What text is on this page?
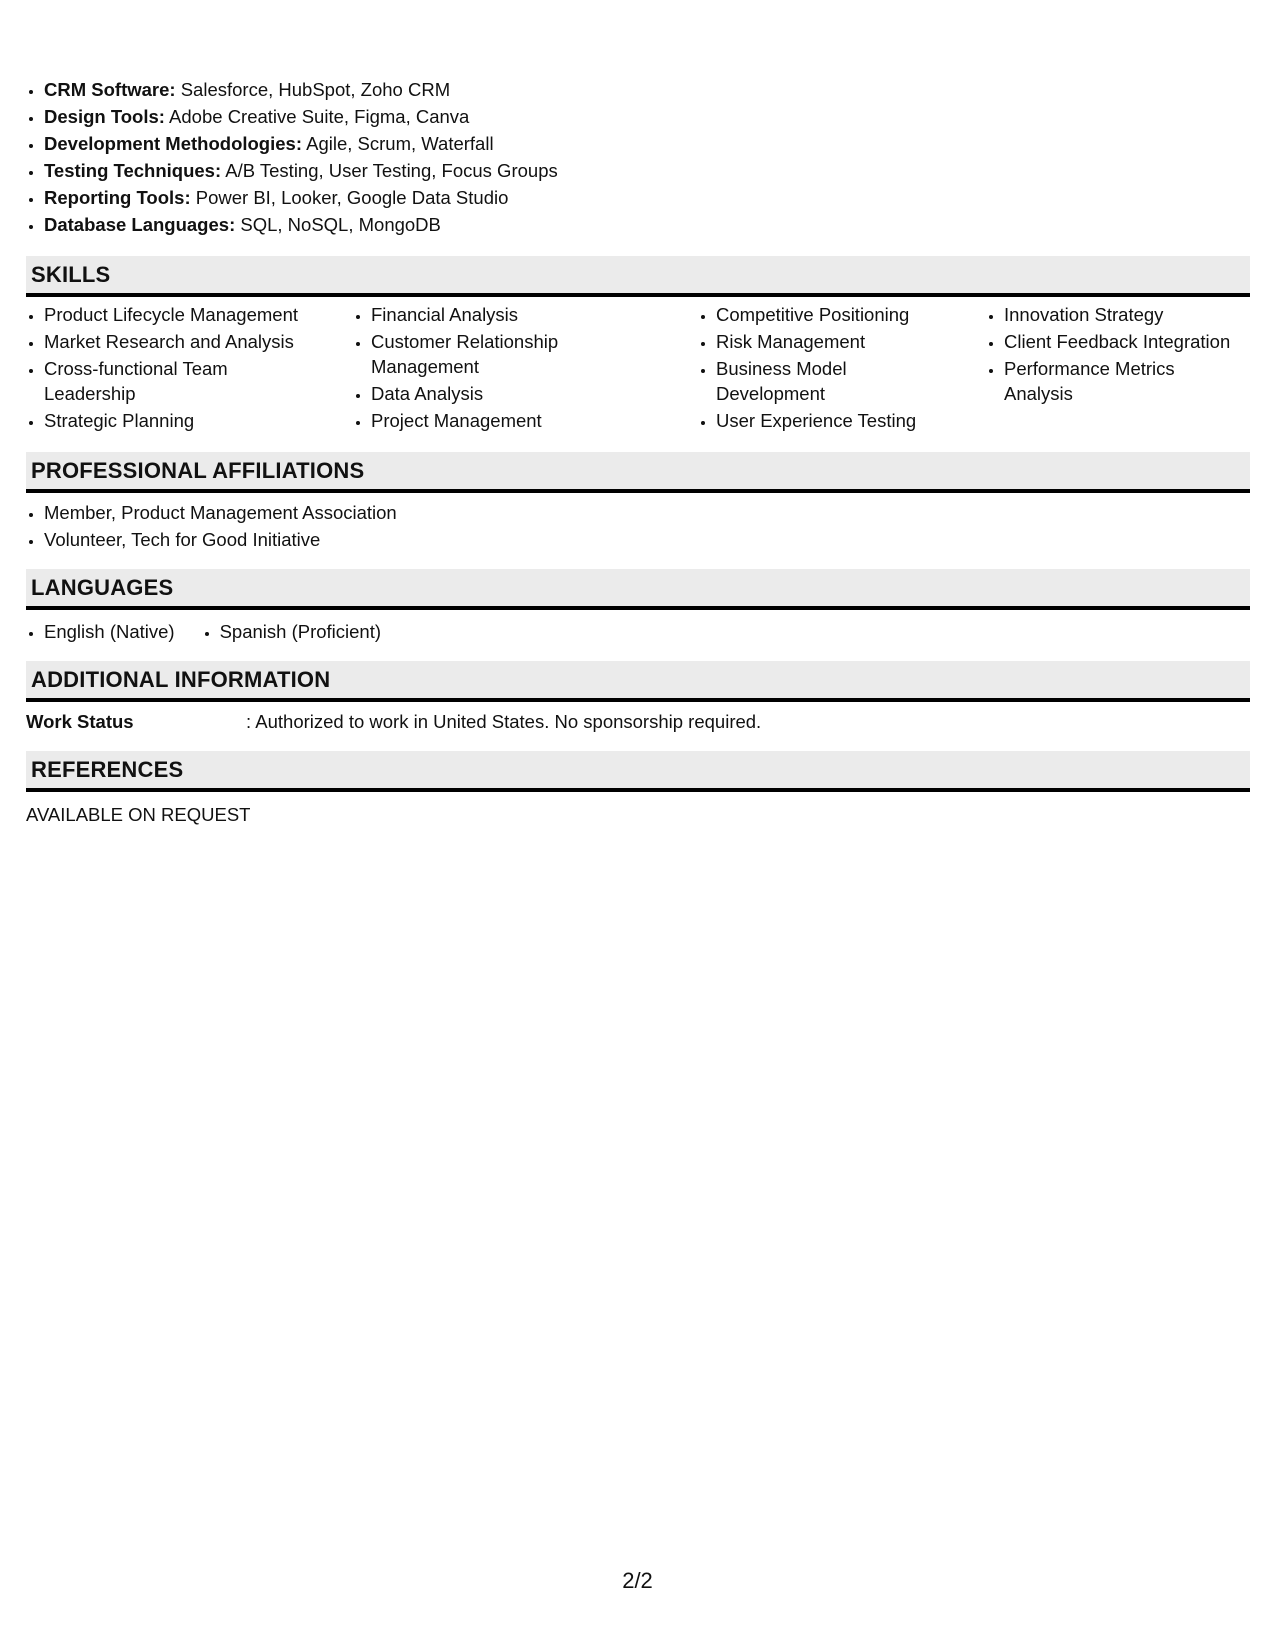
• CRM Software: Salesforce, HubSpot, Zoho CRM
• Design Tools: Adobe Creative Suite, Figma, Canva
• Development Methodologies: Agile, Scrum, Waterfall
• Testing Techniques: A/B Testing, User Testing, Focus Groups
• Reporting Tools: Power BI, Looker, Google Data Studio
• Database Languages: SQL, NoSQL, MongoDB
SKILLS
• Product Lifecycle Management
• Market Research and Analysis
• Cross-functional Team Leadership
• Strategic Planning
• Financial Analysis
• Customer Relationship Management
• Data Analysis
• Project Management
• Competitive Positioning
• Risk Management
• Business Model Development
• User Experience Testing
• Innovation Strategy
• Client Feedback Integration
• Performance Metrics Analysis
PROFESSIONAL AFFILIATIONS
• Member, Product Management Association
• Volunteer, Tech for Good Initiative
LANGUAGES
• English (Native)
• Spanish (Proficient)
ADDITIONAL INFORMATION
Work Status	: Authorized to work in United States. No sponsorship required.
REFERENCES
AVAILABLE ON REQUEST
2/2
